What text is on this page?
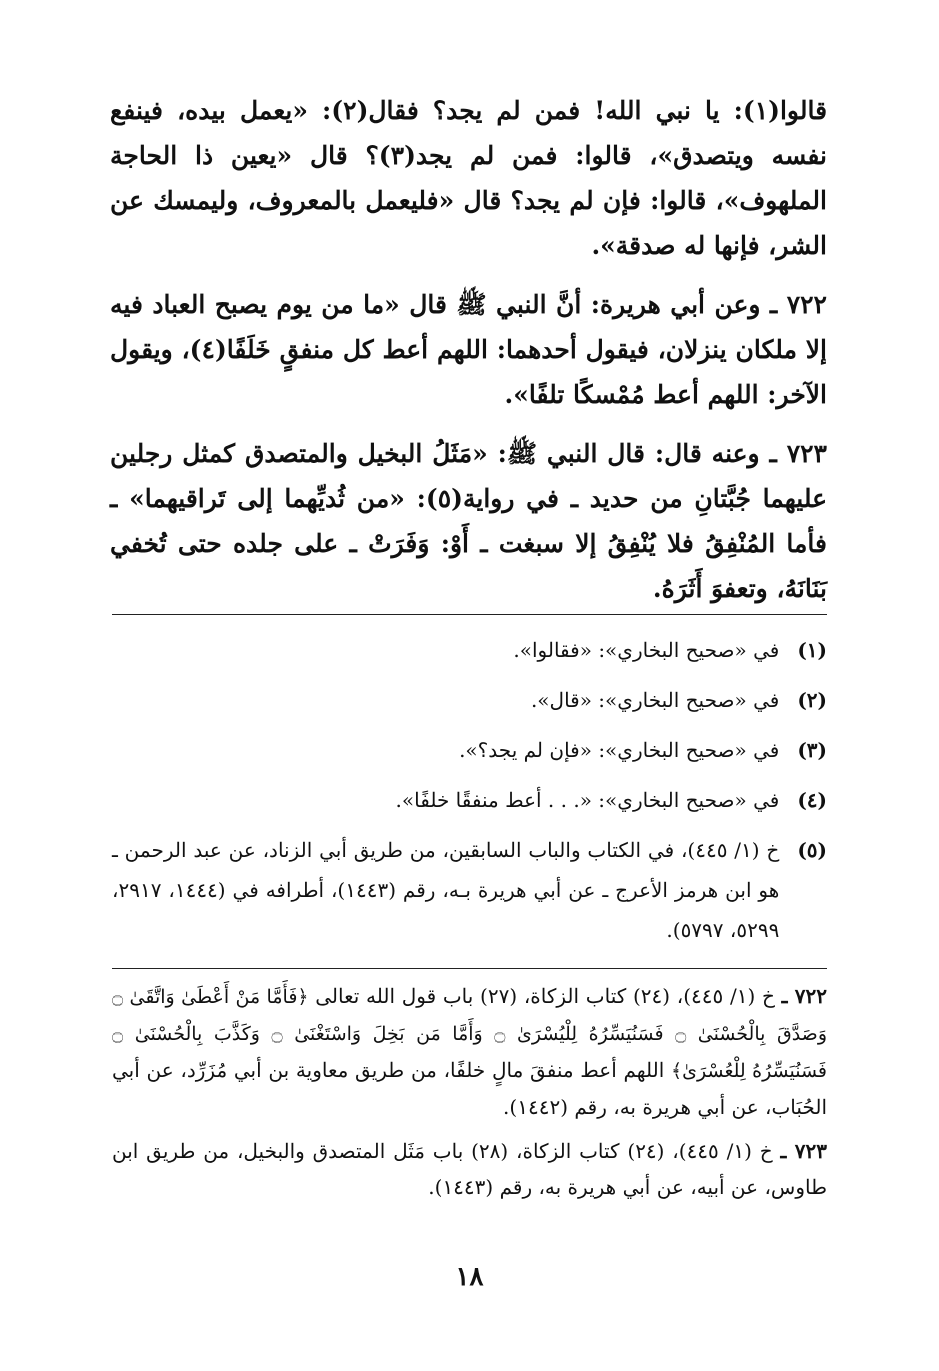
قالوا(١): يا نبي الله! فمن لم يجد؟ فقال(٢): «يعمل بيده، فينفع نفسه ويتصدق»، قالوا: فمن لم يجد(٣)؟ قال «يعين ذا الحاجة الملهوف»، قالوا: فإن لم يجد؟ قال «فليعمل بالمعروف، وليمسك عن الشر، فإنها له صدقة».

٧٢٢ ـ وعن أبي هريرة: أنَّ النبي ﷺ قال «ما من يوم يصبح العباد فيه إلا ملكان ينزلان، فيقول أحدهما: اللهم أعط كل منفقٍ خَلَفًا(٤)، ويقول الآخر: اللهم أعط مُمْسكًا تلفًا».

٧٢٣ ـ وعنه قال: قال النبي ﷺ: «مَثَلُ البخيل والمتصدق كمثل رجلين عليهما جُبَّتانِ من حديد ـ في رواية(٥): «من ثُديِّهما إلى تَراقيهما» ـ فأما المُنْفِقُ فلا يُنْفِقُ إلا سبغت ـ أَوْ: وَفَرَتْ ـ على جلده حتى تُخفي بَنَانَهُ، وتعفوَ أَثَرَهُ.

(١)
في «صحيح البخاري»: «فقالوا».
(٢)
في «صحيح البخاري»: «قال».
(٣)
في «صحيح البخاري»: «فإن لم يجد؟».
(٤)
في «صحيح البخاري»: «. . . أعط منفقًا خلفًا».
(٥)
خ (١/ ٤٤٥)، في الكتاب والباب السابقين، من طريق أبي الزناد، عن عبد الرحمن ـ هو ابن هرمز الأعرج ـ عن أبي هريرة بـه، رقم (١٤٤٣)، أطرافه في (١٤٤٤، ٢٩١٧، ٥٢٩٩، ٥٧٩٧).

٧٢٢ ـ خ (١/ ٤٤٥)، (٢٤) كتاب الزكاة، (٢٧) باب قول الله تعالى ﴿فَأَمَّا مَنْ أَعْطَىٰ وَاتَّقَىٰ ۝ وَصَدَّقَ بِالْحُسْنَىٰ ۝ فَسَنُيَسِّرُهُ لِلْيُسْرَىٰ ۝ وَأَمَّا مَن بَخِلَ وَاسْتَغْنَىٰ ۝ وَكَذَّبَ بِالْحُسْنَىٰ ۝ فَسَنُيَسِّرُهُ لِلْعُسْرَىٰ﴾ اللهم أعط منفقَ مالٍ خلفًا، من طريق معاوية بن أبي مُزَرِّد، عن أبي الحُبَاب، عن أبي هريرة به، رقم (١٤٤٢).

٧٢٣ ـ خ (١/ ٤٤٥)، (٢٤) كتاب الزكاة، (٢٨) باب مَثَل المتصدق والبخيل، من طريق ابن طاوس، عن أبيه، عن أبي هريرة به، رقم (١٤٤٣).

١٨
